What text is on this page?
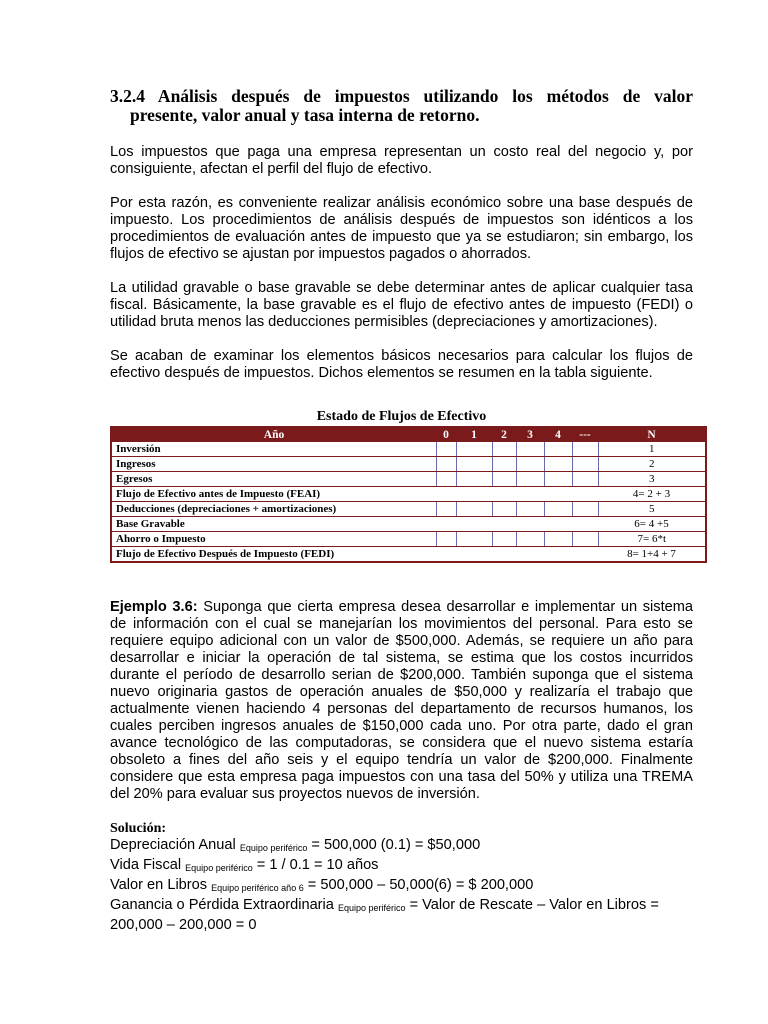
3.2.4 Análisis después de impuestos utilizando los métodos de valor
presente, valor anual y tasa interna de retorno.

Los impuestos que paga una empresa representan un costo real del negocio y, por consiguiente, afectan el perfil del flujo de efectivo.

Por esta razón, es conveniente realizar análisis económico sobre una base después de impuesto. Los procedimientos de análisis después de impuestos son idénticos a los procedimientos de evaluación antes de impuesto que ya se estudiaron; sin embargo, los flujos de efectivo se ajustan por impuestos pagados o ahorrados.

La utilidad gravable o base gravable se debe determinar antes de aplicar cualquier tasa fiscal. Básicamente, la base gravable es el flujo de efectivo antes de impuesto (FEDI) o utilidad bruta menos las deducciones permisibles (depreciaciones y amortizaciones).

Se acaban de examinar los elementos básicos necesarios para calcular los flujos de efectivo después de impuestos. Dichos elementos se resumen en la tabla siguiente.

Estado de Flujos de Efectivo

Año	0	1	2	3	4	---	N
Inversión							1
Ingresos							2
Egresos							3
Flujo de Efectivo antes de Impuesto (FEAI)							4= 2 + 3
Deducciones (depreciaciones + amortizaciones)							5
Base Gravable							6= 4 +5
Ahorro o Impuesto							7= 6*t
Flujo de Efectivo Después de Impuesto (FEDI)							8= 1+4 + 7

Ejemplo 3.6: Suponga que cierta empresa desea desarrollar e implementar un sistema de información con el cual se manejarían los movimientos del personal. Para esto se requiere equipo adicional con un valor de $500,000. Además, se requiere un año para desarrollar e iniciar la operación de tal sistema, se estima que los costos incurridos durante el período de desarrollo serian de $200,000. También suponga que el sistema nuevo originaria gastos de operación anuales de $50,000 y realizaría el trabajo que actualmente vienen haciendo 4 personas del departamento de recursos humanos, los cuales perciben ingresos anuales de $150,000 cada uno. Por otra parte, dado el gran avance tecnológico de las computadoras, se considera que el nuevo sistema estaría obsoleto a fines del año seis y el equipo tendría un valor de $200,000. Finalmente considere que esta empresa paga impuestos con una tasa del 50% y utiliza una TREMA del 20% para evaluar sus proyectos nuevos de inversión.

Solución:

Depreciación Anual $_{Equipo periférico}$ = 500,000 (0.1) = $50,000

Vida Fiscal $_{Equipo periférico}$ = 1 / 0.1 = 10 años

Valor en Libros $_{Equipo periférico año 6}$ = 500,000 – 50,000(6) = $ 200,000

Ganancia o Pérdida Extraordinaria $_{Equipo periférico}$ = Valor de Rescate – Valor en Libros = 200,000 – 200,000 = 0
